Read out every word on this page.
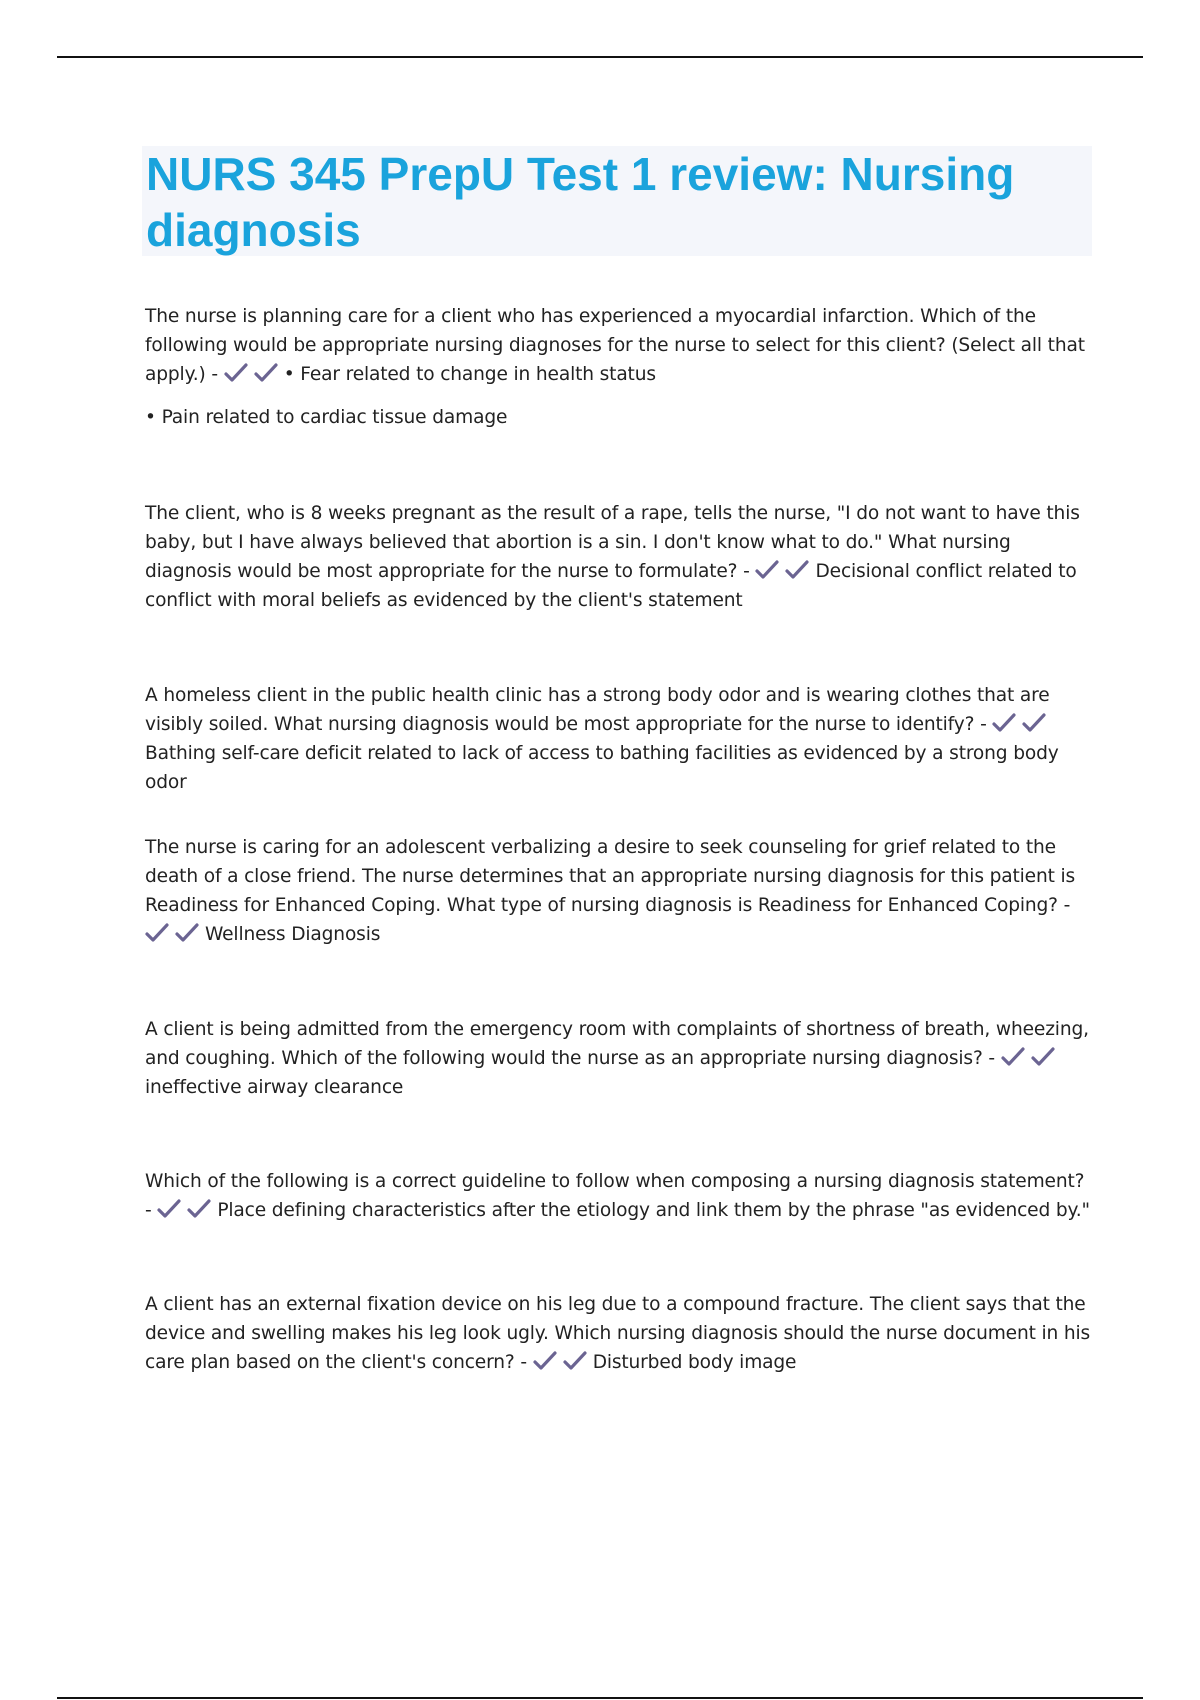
NURS 345 PrepU Test 1 review: Nursing diagnosis

The nurse is planning care for a client who has experienced a myocardial infarction. Which of the following would be appropriate nursing diagnoses for the nurse to select for this client? (Select all that apply.) -	• Fear related to change in health status

• Pain related to cardiac tissue damage

The client, who is 8 weeks pregnant as the result of a rape, tells the nurse, "I do not want to have this baby, but I have always believed that abortion is a sin. I don't know what to do." What nursing diagnosis would be most appropriate for the nurse to formulate? -	Decisional conflict related to conflict with moral beliefs as evidenced by the client's statement

A homeless client in the public health clinic has a strong body odor and is wearing clothes that are visibly soiled. What nursing diagnosis would be most appropriate for the nurse to identify? -
Bathing self-care deficit related to lack of access to bathing facilities as evidenced by a strong body odor

The nurse is caring for an adolescent verbalizing a desire to seek counseling for grief related to the death of a close friend. The nurse determines that an appropriate nursing diagnosis for this patient is Readiness for Enhanced Coping. What type of nursing diagnosis is Readiness for Enhanced Coping? -
Wellness Diagnosis

A client is being admitted from the emergency room with complaints of shortness of breath, wheezing, and coughing. Which of the following would the nurse as an appropriate nursing diagnosis? -
ineffective airway clearance

Which of the following is a correct guideline to follow when composing a nursing diagnosis statement? -	Place defining characteristics after the etiology and link them by the phrase "as evidenced by."

A client has an external fixation device on his leg due to a compound fracture. The client says that the device and swelling makes his leg look ugly. Which nursing diagnosis should the nurse document in his care plan based on the client's concern? -	Disturbed body image
